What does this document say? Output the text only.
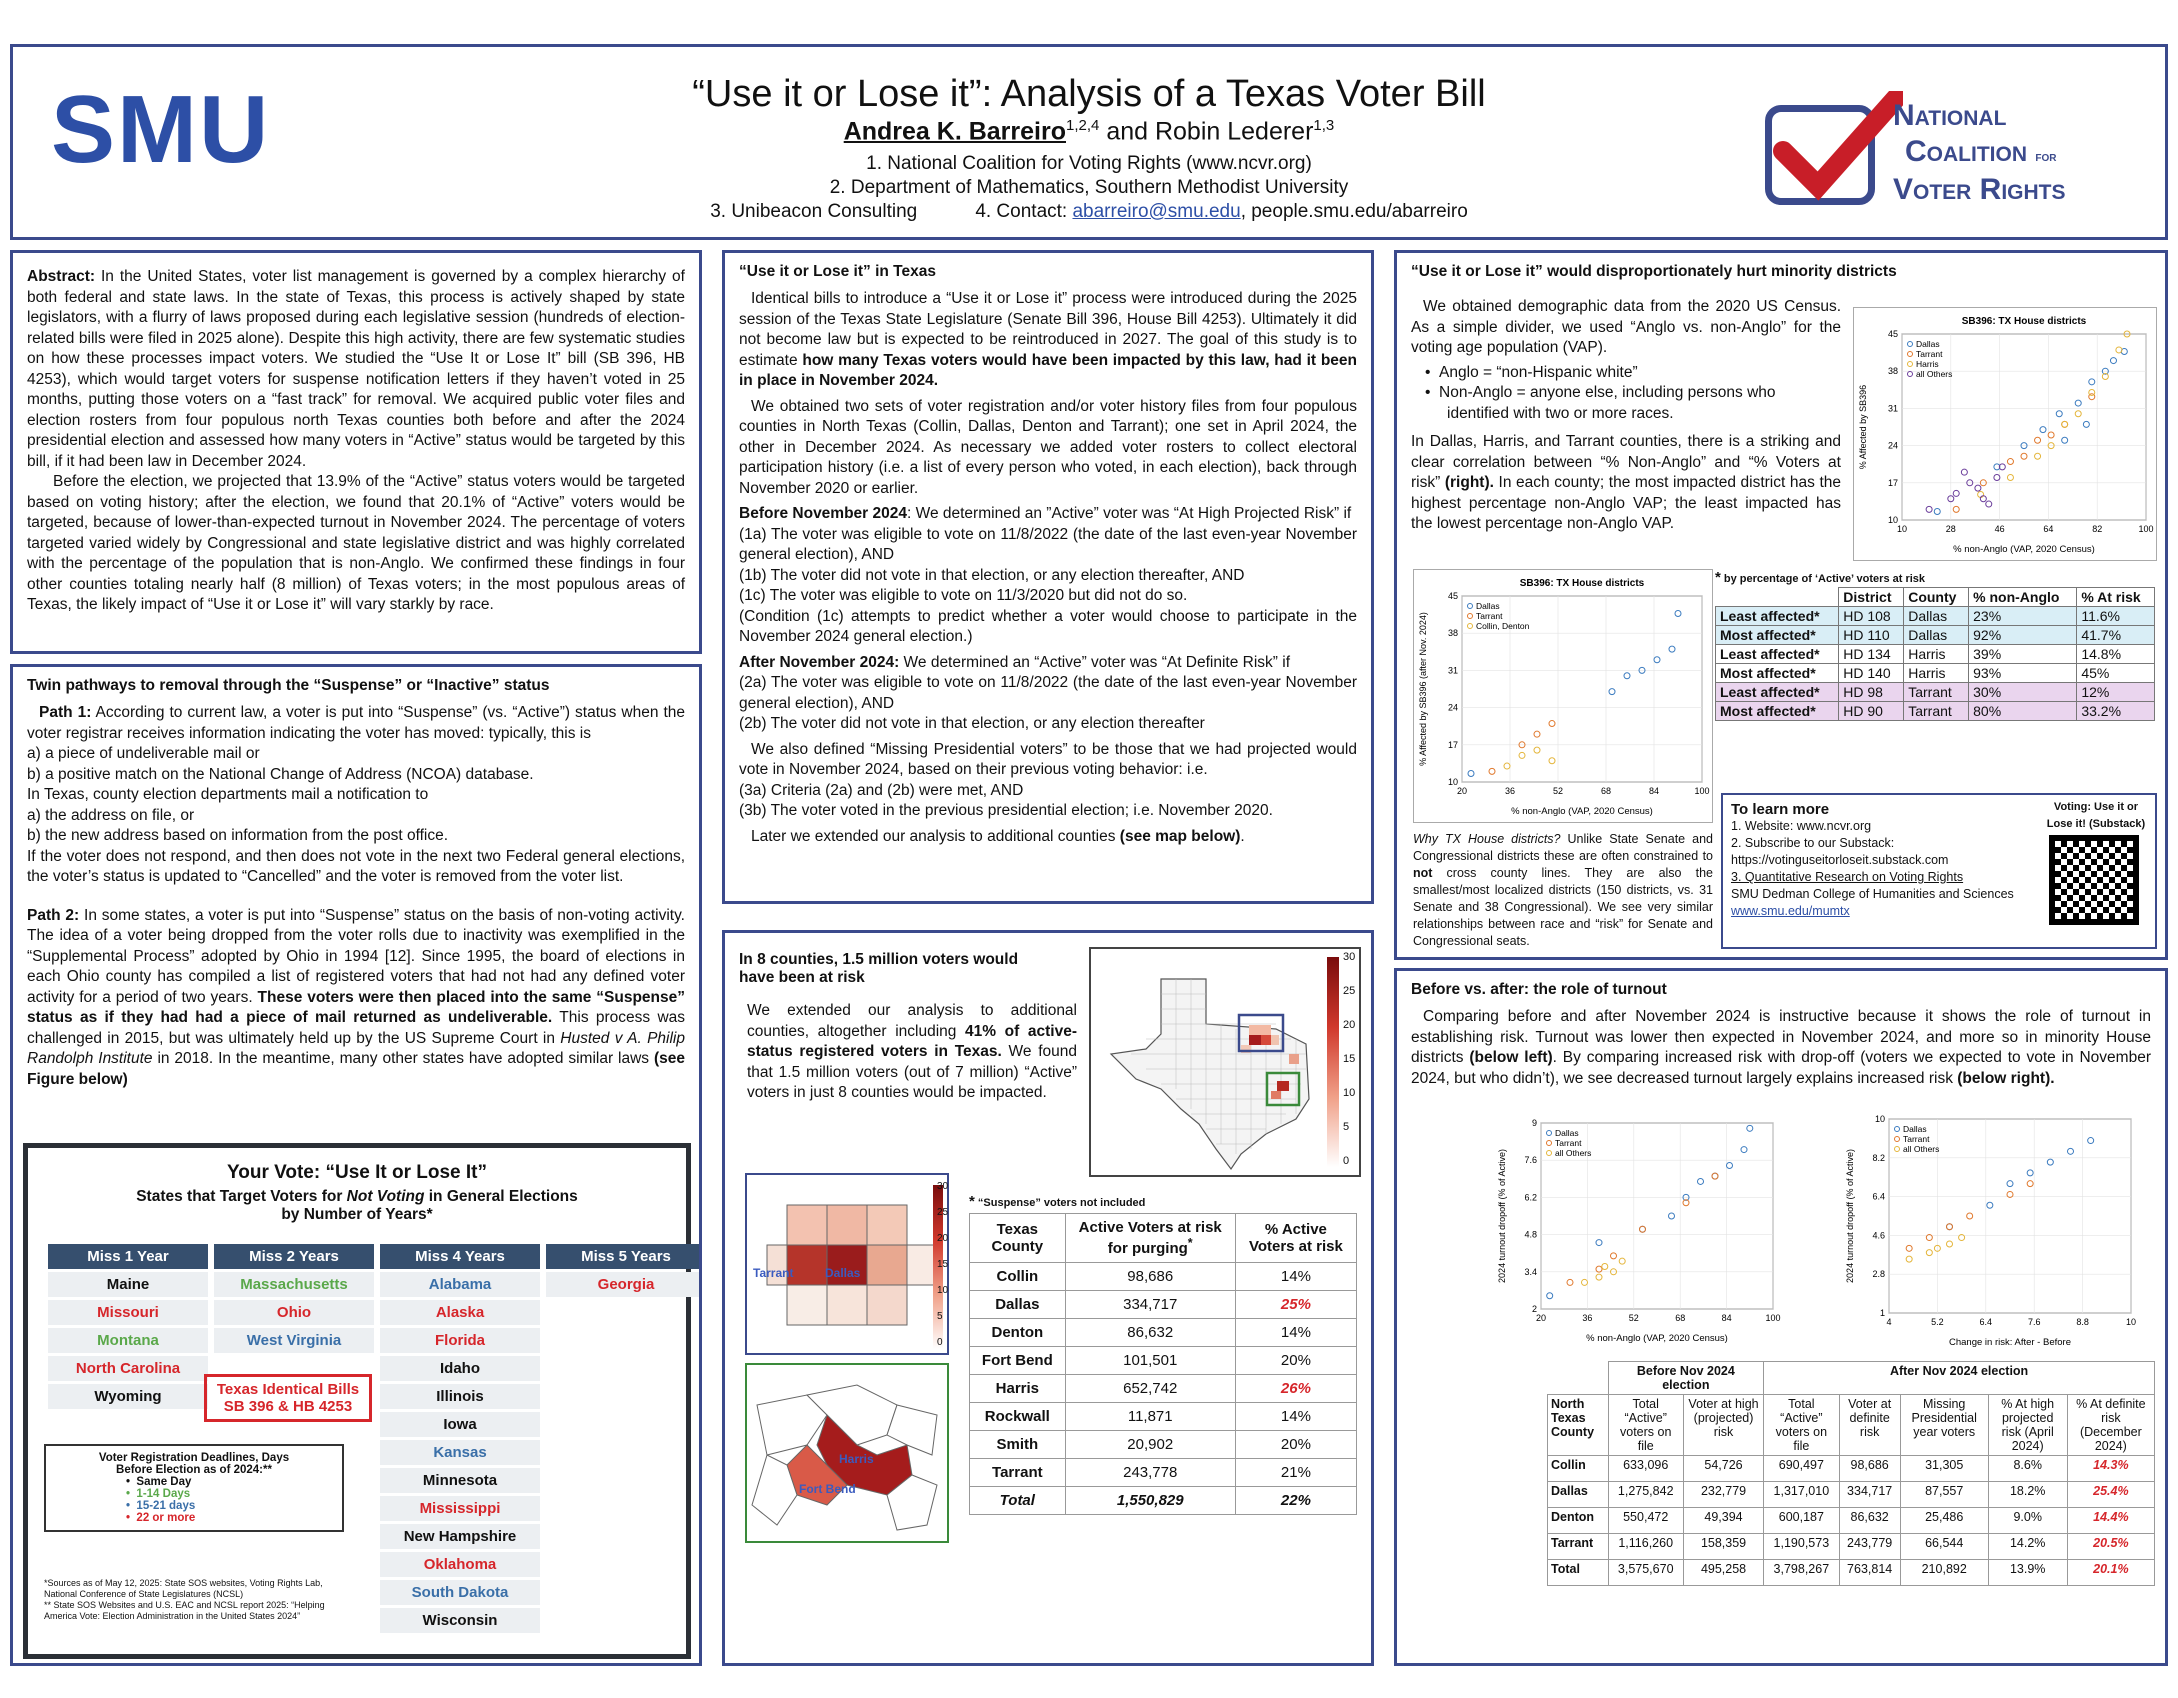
SMU	“Use it or Lose it”: Analysis of a Texas Voter Bill
Andrea K. Barreiro$^{1,2,4}$ and Robin Lederer$^{1,3}$
1. National Coalition for Voting Rights (www.ncvr.org)
2. Department of Mathematics, Southern Methodist University
3. Unibeacon Consulting	4. Contact: abarreiro@smu.edu, people.smu.edu/abarreiro
National
Coalition for
Voter Rights
Abstract: In the United States, voter list management is governed by a complex hierarchy of both federal and state laws. In the state of Texas, this process is actively shaped by state legislators, with a flurry of laws proposed during each legislative session (hundreds of election-related bills were filed in 2025 alone). Despite this high activity, there are few systematic studies on how these processes impact voters. We studied the “Use It or Lose It” bill (SB 396, HB 4253), which would target voters for suspense notification letters if they haven’t voted in 25 months, putting those voters on a “fast track” for removal. We acquired public voter files and election rosters from four populous north Texas counties both before and after the 2024 presidential election and assessed how many voters in “Active” status would be targeted by this bill, if it had been law in December 2024.
Before the election, we projected that 13.9% of the “Active” status voters would be targeted based on voting history; after the election, we found that 20.1% of “Active” voters would be targeted, because of lower-than-expected turnout in November 2024. The percentage of voters targeted varied widely by Congressional and state legislative district and was highly correlated with the percentage of the population that is non-Anglo. We confirmed these findings in four other counties totaling nearly half (8 million) of Texas voters; in the most populous areas of Texas, the likely impact of “Use it or Lose it” will vary starkly by race.
Twin pathways to removal through the “Suspense” or “Inactive” status
Path 1: According to current law, a voter is put into “Suspense” (vs. “Active”) status when the voter registrar receives information indicating the voter has moved: typically, this is
a) a piece of undeliverable mail or
b) a positive match on the National Change of Address (NCOA) database.
In Texas, county election departments mail a notification to
a) the address on file, or
b) the new address based on information from the post office.
If the voter does not respond, and then does not vote in the next two Federal general elections, the voter’s status is updated to “Cancelled” and the voter is removed from the voter list.
Path 2: In some states, a voter is put into “Suspense” status on the basis of non-voting activity. The idea of a voter being dropped from the voter rolls due to inactivity was exemplified in the “Supplemental Process” adopted by Ohio in 1994 [12]. Since 1995, the board of elections in each Ohio county has compiled a list of registered voters that had not had any defined voter activity for a period of two years. These voters were then placed into the same “Suspense” status as if they had had a piece of mail returned as undeliverable. This process was challenged in 2015, but was ultimately held up by the US Supreme Court in Husted v A. Philip Randolph Institute in 2018. In the meantime, many other states have adopted similar laws (see Figure below)
Your Vote: “Use It or Lose It”
States that Target Voters for Not Voting in General Elections
by Number of Years*
Miss 1 Year
Maine
Missouri
Montana
North Carolina
Wyoming
Miss 2 Years
Massachusetts
Ohio
West Virginia
Miss 4 Years
Alabama
Alaska
Florida
Idaho
Illinois
Iowa
Kansas
Minnesota
Mississippi
New Hampshire
Oklahoma
South Dakota
Wisconsin
Miss 5 Years
Georgia
Texas Identical Bills
SB 396 & HB 4253
Voter Registration Deadlines, Days
Before Election as of 2024:**
•  Same Day
•  1-14 Days
•  15-21 days
•  22 or more
*Sources as of May 12, 2025: State SOS websites, Voting Rights Lab, National Conference of State Legislatures (NCSL)
** State SOS Websites and U.S. EAC and NCSL report 2025: “Helping America Vote: Election Administration in the United States 2024”
“Use it or Lose it” in Texas
Identical bills to introduce a “Use it or Lose it” process were introduced during the 2025 session of the Texas State Legislature (Senate Bill 396, House Bill 4253). Ultimately it did not become law but is expected to be reintroduced in 2027. The goal of this study is to estimate how many Texas voters would have been impacted by this law, had it been in place in November 2024.
We obtained two sets of voter registration and/or voter history files from four populous counties in North Texas (Collin, Dallas, Denton and Tarrant); one set in April 2024, the other in December 2024. As necessary we added voter rosters to collect electoral participation history (i.e. a list of every person who voted, in each election), back through November 2020 or earlier.
Before November 2024: We determined an ”Active” voter was “At High Projected Risk” if
(1a) The voter was eligible to vote on 11/8/2022 (the date of the last even-year November general election), AND
(1b) The voter did not vote in that election, or any election thereafter, AND
(1c) The voter was eligible to vote on 11/3/2020 but did not do so.
(Condition (1c) attempts to predict whether a voter would choose to participate in the November 2024 general election.)
After November 2024: We determined an “Active” voter was “At Definite Risk” if
(2a) The voter was eligible to vote on 11/8/2022 (the date of the last even-year November general election), AND
(2b) The voter did not vote in that election, or any election thereafter
We also defined “Missing Presidential voters” to be those that we had projected would vote in November 2024, based on their previous voting behavior: i.e.
(3a) Criteria (2a) and (2b) were met, AND
(3b) The voter voted in the previous presidential election; i.e. November 2020.
Later we extended our analysis to additional counties (see map below).
In 8 counties, 1.5 million voters would have been at risk
We extended our analysis to additional counties, altogether including 41% of active-status registered voters in Texas. We found that 1.5 million voters (out of 7 million) “Active” voters in just 8 counties would be impacted.
30
25
20
15
10
5
0
Tarrant	Dallas
30
25
20
15
10
5
0
Harris
Fort Bend
* “Suspense” voters not included
Texas County	Active Voters at risk for purging*	% Active Voters at risk
Collin	98,686	14%
Dallas	334,717	25%
Denton	86,632	14%
Fort Bend	101,501	20%
Harris	652,742	26%
Rockwall	11,871	14%
Smith	20,902	20%
Tarrant	243,778	21%
Total	1,550,829	22%
“Use it or Lose it” would disproportionately hurt minority districts
We obtained demographic data from the 2020 US Census. As a simple divider, we used “Anglo vs. non-Anglo” for the voting age population (VAP).
•  Anglo = “non-Hispanic white”
•  Non-Anglo = anyone else, including persons who identified with two or more races.
In Dallas, Harris, and Tarrant counties, there is a striking and clear correlation between “% Non-Anglo” and “% Voters at risk” (right). In each county; the most impacted district has the highest percentage non-Anglo VAP; the least impacted has the lowest percentage non-Anglo VAP.
SB396: TX House districts
10	28	46	64	82	100
10
17
24
31
38
45
% non-Anglo (VAP, 2020 Census)
% Affected by SB396
Dallas
Tarrant
Harris
all Others
SB396: TX House districts
20	36	52	68	84	100
10
17
24
31
38
45
% non-Anglo (VAP, 2020 Census)
% Affected by SB396 (after Nov. 2024)
Dallas
Tarrant
Collin, Denton
Why TX House districts? Unlike State Senate and Congressional districts these are often constrained to not cross county lines. They are also the smallest/most localized districts (150 districts, vs. 31 Senate and 38 Congressional). We see very similar relationships between race and “risk” for Senate and Congressional seats.
* by percentage of ‘Active’ voters at risk
	District	County	% non-Anglo	% At risk
Least affected*	HD 108	Dallas	23%	11.6%
Most affected*	HD 110	Dallas	92%	41.7%
Least affected*	HD 134	Harris	39%	14.8%
Most affected*	HD 140	Harris	93%	45%
Least affected*	HD 98	Tarrant	30%	12%
Most affected*	HD 90	Tarrant	80%	33.2%
To learn more
1. Website: www.ncvr.org
2. Subscribe to our Substack:
https://votinguseitorloseit.substack.com
3. Quantitative Research on Voting Rights
SMU Dedman College of Humanities and Sciences
www.smu.edu/mumtx
Voting: Use it or Lose it! (Substack)
Before vs. after: the role of turnout
Comparing before and after November 2024 is instructive because it shows the role of turnout in establishing risk. Turnout was lower then expected in November 2024, and more so in minority House districts (below left). By comparing increased risk with drop-off (voters we expected to vote in November 2024, but who didn’t), we see decreased turnout largely explains increased risk (below right).
20	36	52	68	84	100
2
3.4
4.8
6.2
7.6
9
% non-Anglo (VAP, 2020 Census)
2024 turnout dropoff (% of Active)
Dallas
Tarrant
all Others
4	5.2	6.4	7.6	8.8	10
1
2.8
4.6
6.4
8.2
10
Change in risk: After - Before
2024 turnout dropoff (% of Active)
Dallas
Tarrant
all Others
	Before Nov 2024 election		After Nov 2024 election				
North Texas County	Total “Active” voters on file	Voter at high (projected) risk	Total “Active” voters on file	Voter at definite risk	Missing Presidential year voters	% At high projected risk (April 2024)	% At definite risk (December 2024)
Collin	633,096	54,726	690,497	98,686	31,305	8.6%	14.3%
Dallas	1,275,842	232,779	1,317,010	334,717	87,557	18.2%	25.4%
Denton	550,472	49,394	600,187	86,632	25,486	9.0%	14.4%
Tarrant	1,116,260	158,359	1,190,573	243,779	66,544	14.2%	20.5%
Total	3,575,670	495,258	3,798,267	763,814	210,892	13.9%	20.1%
